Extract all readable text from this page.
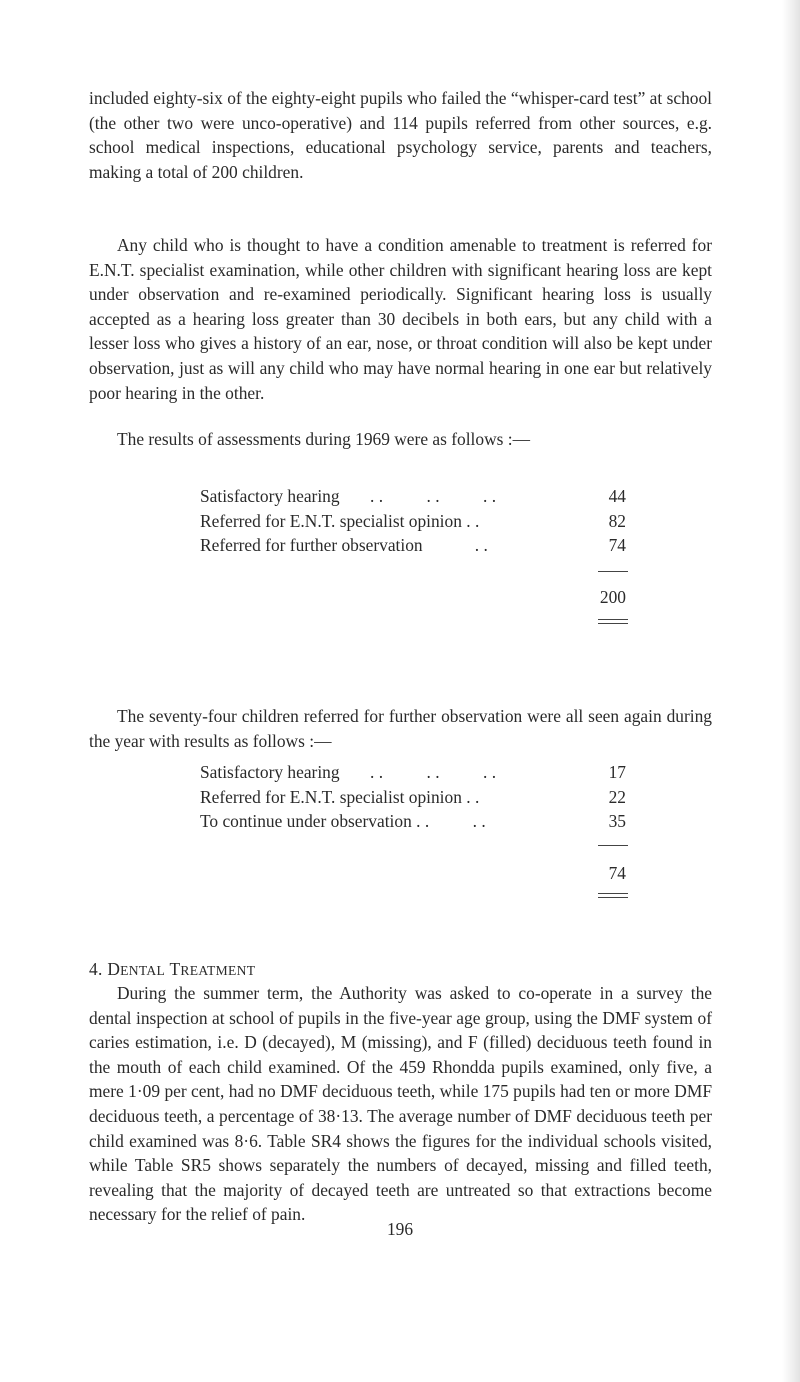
included eighty-six of the eighty-eight pupils who failed the “whisper-card test” at school (the other two were unco-operative) and 114 pupils referred from other sources, e.g. school medical inspections, educational psychology service, parents and teachers, making a total of 200 children.

Any child who is thought to have a condition amenable to treatment is referred for E.N.T. specialist examination, while other children with significant hearing loss are kept under observation and re-examined periodically. Significant hearing loss is usually accepted as a hearing loss greater than 30 decibels in both ears, but any child with a lesser loss who gives a history of an ear, nose, or throat condition will also be kept under observation, just as will any child who may have normal hearing in one ear but relatively poor hearing in the other.

The results of assessments during 1969 were as follows :—

Satisfactory hearing . .          . .          . .	44
Referred for E.N.T. specialist opinion . .	82
Referred for further observation	. .	74
200

The seventy-four children referred for further observation were all seen again during the year with results as follows :—

Satisfactory hearing . .          . .          . .	17
Referred for E.N.T. specialist opinion . .	22
To continue under observation . .          . .	35
74
4. DENTAL TREATMENT

During the summer term, the Authority was asked to co-operate in a survey the dental inspection at school of pupils in the five-year age group, using the DMF system of caries estimation, i.e. D (decayed), M (missing), and F (filled) deciduous teeth found in the mouth of each child examined. Of the 459 Rhondda pupils examined, only five, a mere 1·09 per cent, had no DMF deciduous teeth, while 175 pupils had ten or more DMF deciduous teeth, a percentage of 38·13. The average number of DMF deciduous teeth per child examined was 8·6. Table SR4 shows the figures for the individual schools visited, while Table SR5 shows separately the numbers of decayed, missing and filled teeth, revealing that the majority of decayed teeth are untreated so that extractions become necessary for the relief of pain.

196
